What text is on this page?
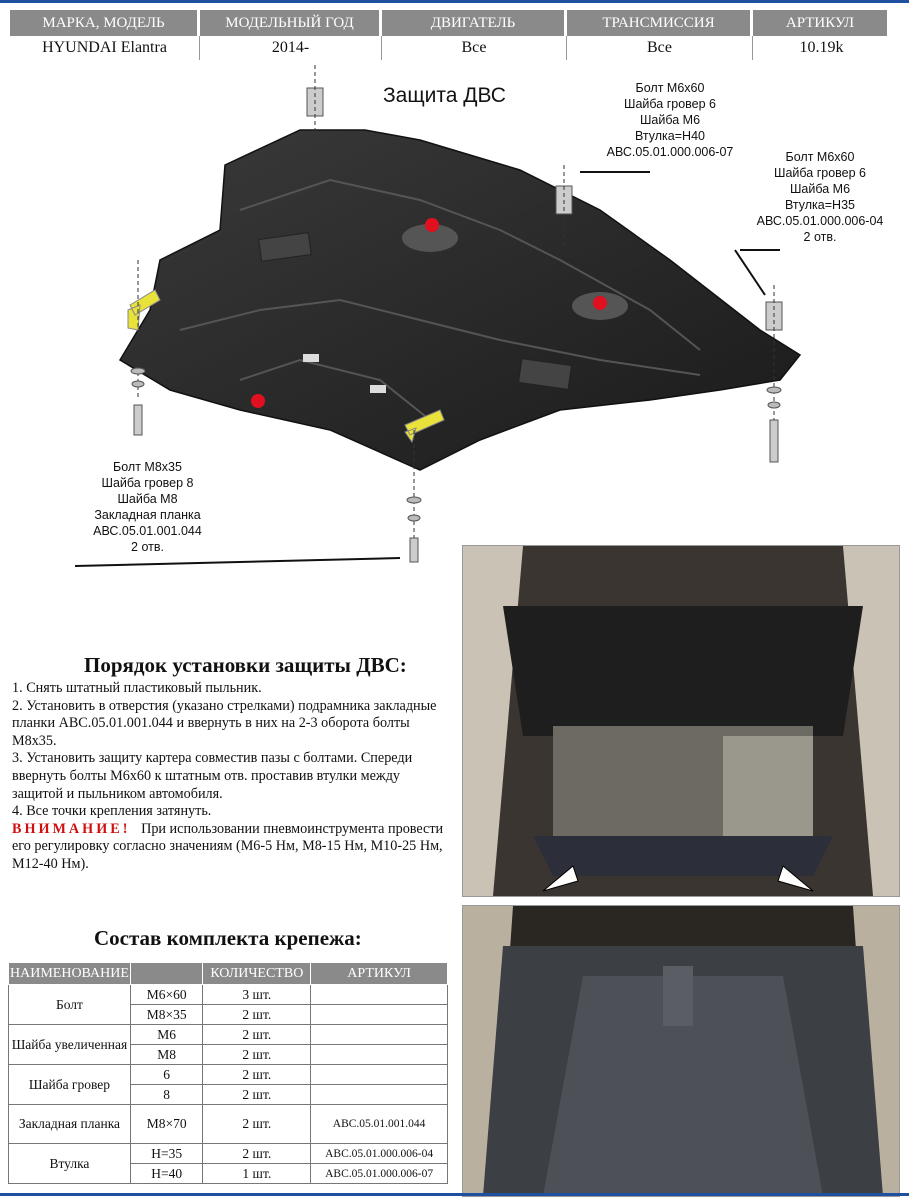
МАРКА, МОДЕЛЬ	МОДЕЛЬНЫЙ ГОД	ДВИГАТЕЛЬ	ТРАНСМИССИЯ	АРТИКУЛ
HYUNDAI Elantra	2014-	Все	Все	10.19k
Защита ДВС	Болт М6х60
Шайба гровер 6
Шайба М6
Втулка=Н40
АВС.05.01.000.006-07	Болт М6х60
Шайба гровер 6
Шайба М6
Втулка=Н35
АВС.05.01.000.006-04
2 отв.
Болт М8х35
Шайба гровер 8
Шайба М8
Закладная планка
АВС.05.01.001.044
2 отв.
Порядок установки защиты ДВС:

1. Снять штатный пластиковый пыльник.

2. Установить в отверстия (указано стрелками) подрамника закладные планки АВС.05.01.001.044 и ввернуть в них на 2-3 оборота болты М8х35.

3. Установить защиту картера совместив пазы с болтами. Спереди ввернуть болты М6х60 к штатным отв. проставив втулки между защитой и пыльником автомобиля.

4. Все точки крепления затянуть.

ВНИМАНИЕ! При использовании пневмоинструмента провести его регулировку согласно значениям (М6-5 Нм, М8-15 Нм, М10-25 Нм, М12-40 Нм).

Состав комплекта крепежа:
НАИМЕНОВАНИЕ		КОЛИЧЕСТВО	АРТИКУЛ
Болт	М6×60	3 шт.	
	М8×35	2 шт.	
Шайба увеличенная	М6	2 шт.	
	М8	2 шт.	
Шайба гровер	6	2 шт.	
	8	2 шт.	
Закладная планка	М8×70	2 шт.	АВС.05.01.001.044
Втулка	Н=35	2 шт.	АВС.05.01.000.006-04
	Н=40	1 шт.	АВС.05.01.000.006-07
